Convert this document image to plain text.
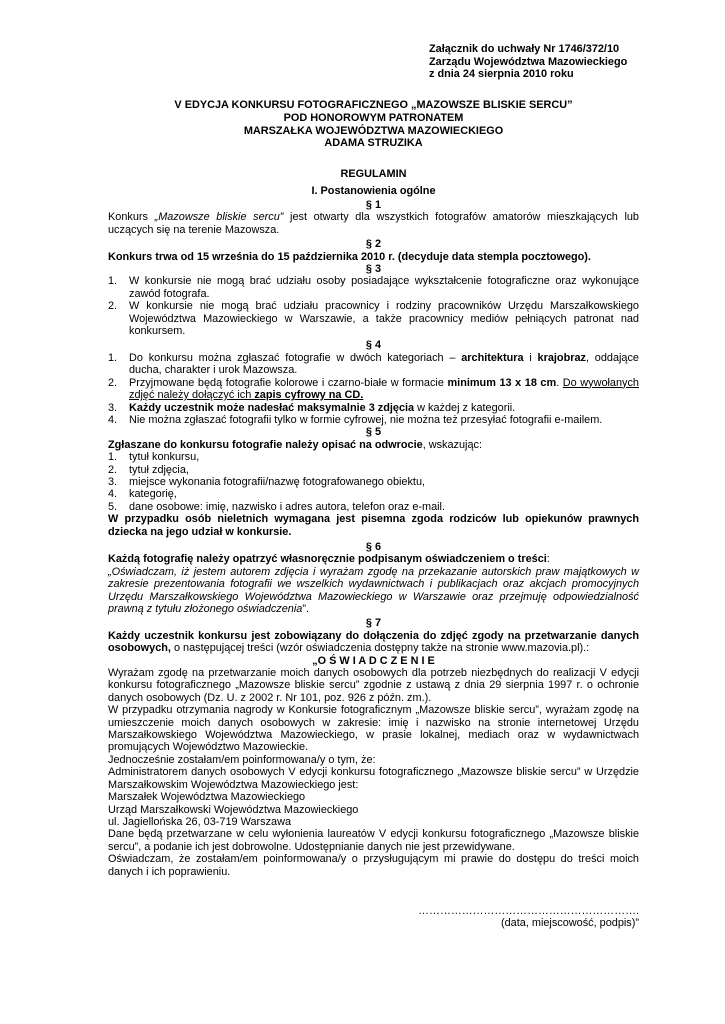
Załącznik do uchwały Nr 1746/372/10
Zarządu Województwa Mazowieckiego
z dnia 24 sierpnia 2010 roku
V EDYCJA KONKURSU FOTOGRAFICZNEGO „MAZOWSZE BLISKIE SERCU”
POD HONOROWYM PATRONATEM
MARSZAŁKA WOJEWÓDZTWA MAZOWIECKIEGO
ADAMA STRUZIKA
REGULAMIN
I. Postanowienia ogólne
§ 1
Konkurs „Mazowsze bliskie sercu” jest otwarty dla wszystkich fotografów amatorów mieszkających lub uczących się na terenie Mazowsza.
§ 2
Konkurs trwa od 15 września do 15 października 2010 r. (decyduje data stempla pocztowego).
§ 3
1.	W konkursie nie mogą brać udziału osoby posiadające wykształcenie fotograficzne oraz wykonujące zawód fotografa.
2.	W konkursie nie mogą brać udziału pracownicy i rodziny pracowników Urzędu Marszałkowskiego Województwa Mazowieckiego w Warszawie, a także pracownicy mediów pełniących patronat nad konkursem.
§ 4
1.	Do konkursu można zgłaszać fotografie w dwóch kategoriach – architektura i krajobraz, oddające ducha, charakter i urok Mazowsza.
2.	Przyjmowane będą fotografie kolorowe i czarno-białe w formacie minimum 13 x 18 cm. Do wywołanych zdjęć należy dołączyć ich zapis cyfrowy na CD.
3.	Każdy uczestnik może nadesłać maksymalnie 3 zdjęcia w każdej z kategorii.
4.	Nie można zgłaszać fotografii tylko w formie cyfrowej, nie można też przesyłać fotografii e-mailem.
§ 5
Zgłaszane do konkursu fotografie należy opisać na odwrocie, wskazując:
1.	tytuł konkursu,
2.	tytuł zdjęcia,
3.	miejsce wykonania fotografii/nazwę fotografowanego obiektu,
4.	kategorię,
5.	dane osobowe: imię, nazwisko i adres autora, telefon oraz e-mail.
W przypadku osób nieletnich wymagana jest pisemna zgoda rodziców lub opiekunów prawnych dziecka na jego udział w konkursie.
§ 6
Każdą fotografię należy opatrzyć własnoręcznie podpisanym oświadczeniem o treści:
„Oświadczam, iż jestem autorem zdjęcia i wyrażam zgodę na przekazanie autorskich praw majątkowych w zakresie prezentowania fotografii we wszelkich wydawnictwach i publikacjach oraz akcjach promocyjnych Urzędu Marszałkowskiego Województwa Mazowieckiego w Warszawie oraz przejmuję odpowiedzialność prawną z tytułu złożonego oświadczenia”.
§ 7
Każdy uczestnik konkursu jest zobowiązany do dołączenia do zdjęć zgody na przetwarzanie danych osobowych, o następującej treści (wzór oświadczenia dostępny także na stronie www.mazovia.pl).:
„O Ś W I A D C Z E N I E
Wyrażam zgodę na przetwarzanie moich danych osobowych dla potrzeb niezbędnych do realizacji V edycji konkursu fotograficznego „Mazowsze bliskie sercu” zgodnie z ustawą z dnia 29 sierpnia 1997 r. o ochronie danych osobowych (Dz. U. z 2002 r. Nr 101, poz. 926 z późn. zm.).
W przypadku otrzymania nagrody w Konkursie fotograficznym „Mazowsze bliskie sercu”, wyrażam zgodę na umieszczenie moich danych osobowych w zakresie: imię i nazwisko na stronie internetowej Urzędu Marszałkowskiego Województwa Mazowieckiego, w prasie lokalnej, mediach oraz w wydawnictwach promujących Województwo Mazowieckie.
Jednocześnie zostałam/em poinformowana/y o tym, że:
Administratorem danych osobowych V edycji konkursu fotograficznego „Mazowsze bliskie sercu” w Urzędzie Marszałkowskim Województwa Mazowieckiego jest:
Marszałek Województwa Mazowieckiego
Urząd Marszałkowski Województwa Mazowieckiego
ul. Jagiellońska 26, 03-719 Warszawa
Dane będą przetwarzane w celu wyłonienia laureatów V edycji konkursu fotograficznego „Mazowsze bliskie sercu”, a podanie ich jest dobrowolne. Udostępnianie danych nie jest przewidywane.
Oświadczam, że zostałam/em poinformowana/y o przysługującym mi prawie do dostępu do treści moich danych i ich poprawieniu.
…………………………………………………….
(data, miejscowość, podpis)”
